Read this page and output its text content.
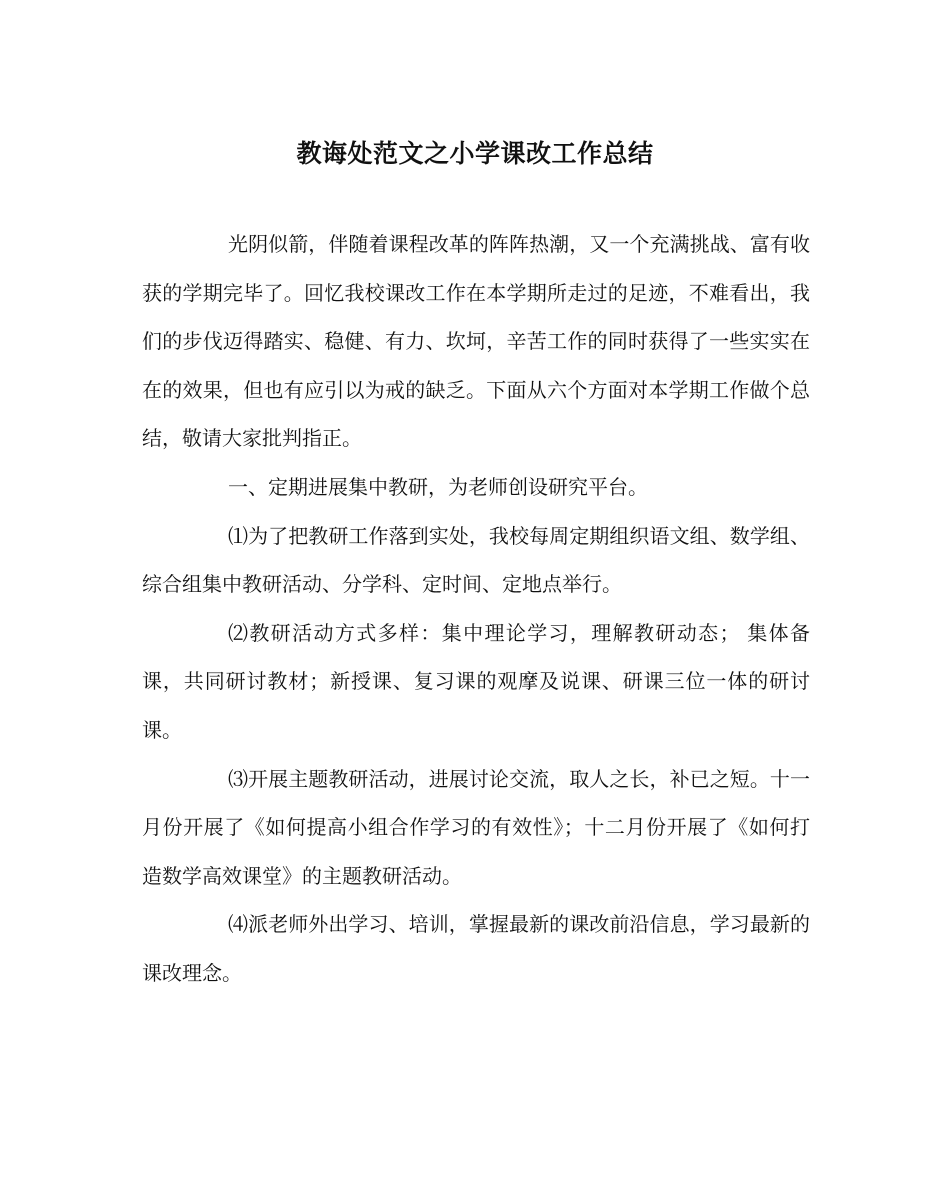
教诲处范文之小学课改工作总结

光阴似箭，伴随着课程改革的阵阵热潮，又一个充满挑战、富有收获的学期完毕了。回忆我校课改工作在本学期所走过的足迹，不难看出，我们的步伐迈得踏实、稳健、有力、坎坷，辛苦工作的同时获得了一些实实在在的效果，但也有应引以为戒的缺乏。下面从六个方面对本学期工作做个总结，敬请大家批判指正。

一、定期进展集中教研，为老师创设研究平台。

⑴为了把教研工作落到实处，我校每周定期组织语文组、数学组、综合组集中教研活动、分学科、定时间、定地点举行。

⑵教研活动方式多样：集中理论学习，理解教研动态； 集体备课，共同研讨教材；新授课、复习课的观摩及说课、研课三位一体的研讨课。

⑶开展主题教研活动，进展讨论交流，取人之长，补已之短。十一月份开展了《如何提高小组合作学习的有效性》；十二月份开展了《如何打造数学高效课堂》的主题教研活动。

⑷派老师外出学习、培训，掌握最新的课改前沿信息，学习最新的课改理念。
